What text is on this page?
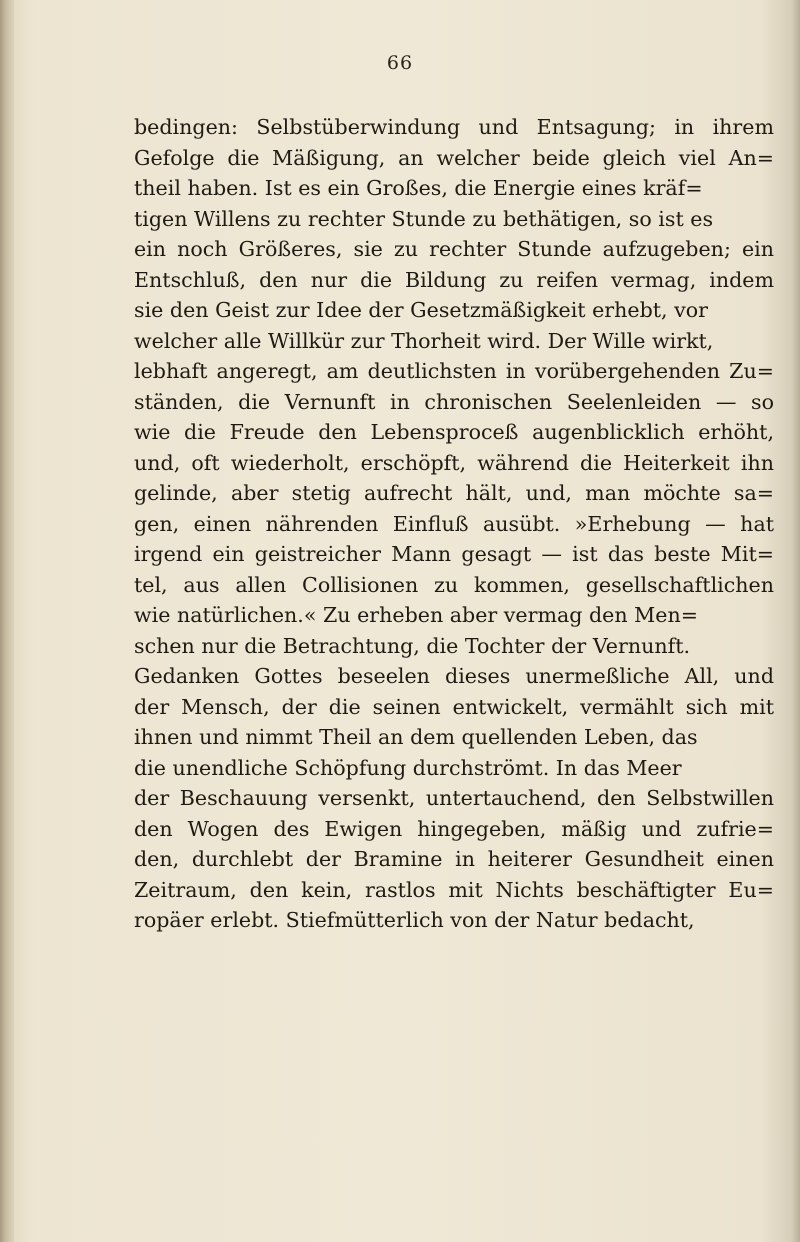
66
bedingen: Selbstüberwindung und Entsagung; in ihrem
Gefolge die Mäßigung, an welcher beide gleich viel An=
theil haben. Ist es ein Großes, die Energie eines kräf=
tigen Willens zu rechter Stunde zu bethätigen, so ist es
ein noch Größeres, sie zu rechter Stunde aufzugeben; ein
Entschluß, den nur die Bildung zu reifen vermag, indem
sie den Geist zur Idee der Gesetzmäßigkeit erhebt, vor
welcher alle Willkür zur Thorheit wird. Der Wille wirkt,
lebhaft angeregt, am deutlichsten in vorübergehenden Zu=
ständen, die Vernunft in chronischen Seelenleiden — so
wie die Freude den Lebensproceß augenblicklich erhöht,
und, oft wiederholt, erschöpft, während die Heiterkeit ihn
gelinde, aber stetig aufrecht hält, und, man möchte sa=
gen, einen nährenden Einfluß ausübt. »Erhebung — hat
irgend ein geistreicher Mann gesagt — ist das beste Mit=
tel, aus allen Collisionen zu kommen, gesellschaftlichen
wie natürlichen.« Zu erheben aber vermag den Men=
schen nur die Betrachtung, die Tochter der Vernunft.
Gedanken Gottes beseelen dieses unermeßliche All, und
der Mensch, der die seinen entwickelt, vermählt sich mit
ihnen und nimmt Theil an dem quellenden Leben, das
die unendliche Schöpfung durchströmt. In das Meer
der Beschauung versenkt, untertauchend, den Selbstwillen
den Wogen des Ewigen hingegeben, mäßig und zufrie=
den, durchlebt der Bramine in heiterer Gesundheit einen
Zeitraum, den kein, rastlos mit Nichts beschäftigter Eu=
ropäer erlebt. Stiefmütterlich von der Natur bedacht,
